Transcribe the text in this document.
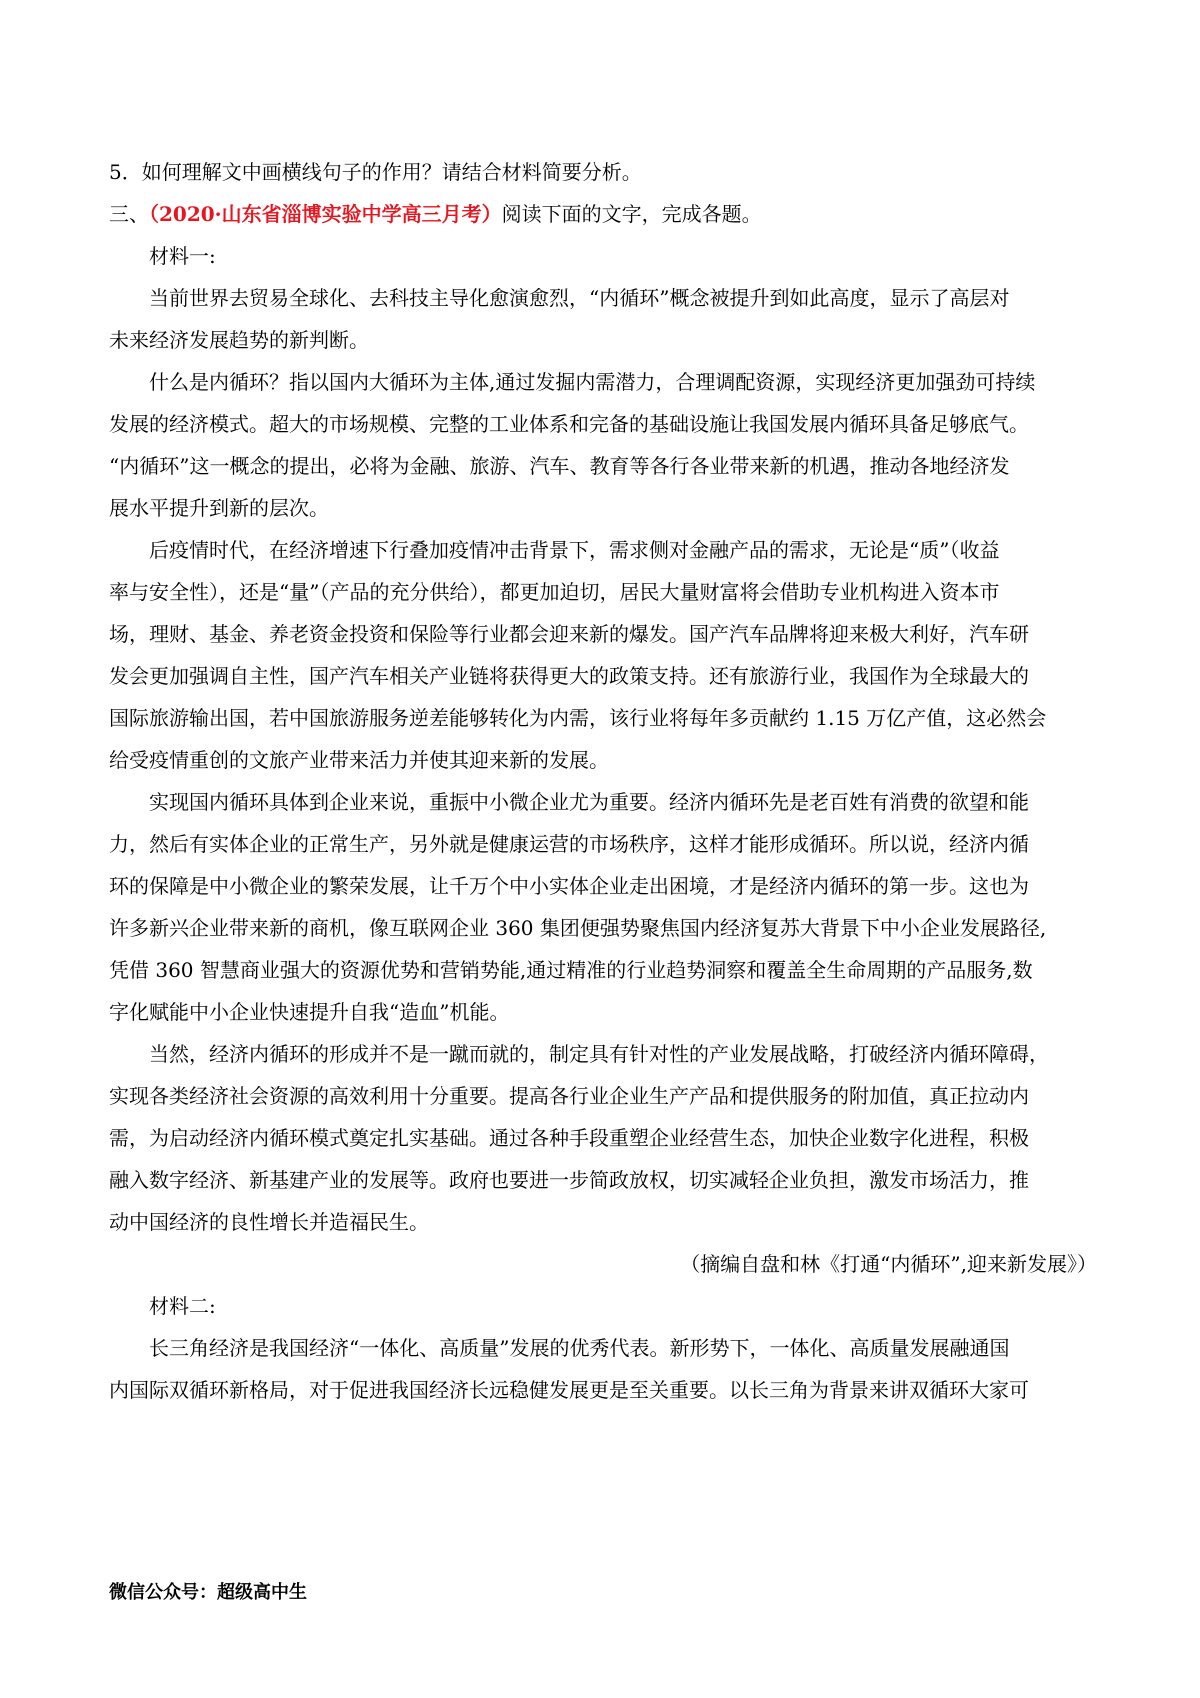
5．如何理解文中画横线句子的作用？请结合材料简要分析。
三、（2020·山东省淄博实验中学高三月考）阅读下面的文字，完成各题。
材料一:
当前世界去贸易全球化、去科技主导化愈演愈烈，“内循环”概念被提升到如此高度，显示了高层对
未来经济发展趋势的新判断。
什么是内循环？指以国内大循环为主体,通过发掘内需潜力，合理调配资源，实现经济更加强劲可持续
发展的经济模式。超大的市场规模、完整的工业体系和完备的基础设施让我国发展内循环具备足够底气。
“内循环”这一概念的提出，必将为金融、旅游、汽车、教育等各行各业带来新的机遇，推动各地经济发
展水平提升到新的层次。
后疫情时代，在经济增速下行叠加疫情冲击背景下，需求侧对金融产品的需求，无论是“质”（收益
率与安全性），还是“量”（产品的充分供给），都更加迫切，居民大量财富将会借助专业机构进入资本市
场，理财、基金、养老资金投资和保险等行业都会迎来新的爆发。国产汽车品牌将迎来极大利好，汽车研
发会更加强调自主性，国产汽车相关产业链将获得更大的政策支持。还有旅游行业，我国作为全球最大的
国际旅游输出国，若中国旅游服务逆差能够转化为内需，该行业将每年多贡献约 1.15 万亿产值，这必然会
给受疫情重创的文旅产业带来活力并使其迎来新的发展。
实现国内循环具体到企业来说，重振中小微企业尤为重要。经济内循环先是老百姓有消费的欲望和能
力，然后有实体企业的正常生产，另外就是健康运营的市场秩序，这样才能形成循环。所以说，经济内循
环的保障是中小微企业的繁荣发展，让千万个中小实体企业走出困境，才是经济内循环的第一步。这也为
许多新兴企业带来新的商机，像互联网企业 360 集团便强势聚焦国内经济复苏大背景下中小企业发展路径,
凭借 360 智慧商业强大的资源优势和营销势能,通过精准的行业趋势洞察和覆盖全生命周期的产品服务,数
字化赋能中小企业快速提升自我“造血”机能。
当然，经济内循环的形成并不是一蹴而就的，制定具有针对性的产业发展战略，打破经济内循环障碍，
实现各类经济社会资源的高效利用十分重要。提高各行业企业生产产品和提供服务的附加值，真正拉动内
需，为启动经济内循环模式奠定扎实基础。通过各种手段重塑企业经营生态，加快企业数字化进程，积极
融入数字经济、新基建产业的发展等。政府也要进一步简政放权，切实减轻企业负担，激发市场活力，推
动中国经济的良性增长并造福民生。

（摘编自盘和林《打通“内循环”,迎来新发展》）

材料二:
长三角经济是我国经济“一体化、高质量”发展的优秀代表。新形势下，一体化、高质量发展融通国
内国际双循环新格局，对于促进我国经济长远稳健发展更是至关重要。以长三角为背景来讲双循环大家可
微信公众号：超级高中生
